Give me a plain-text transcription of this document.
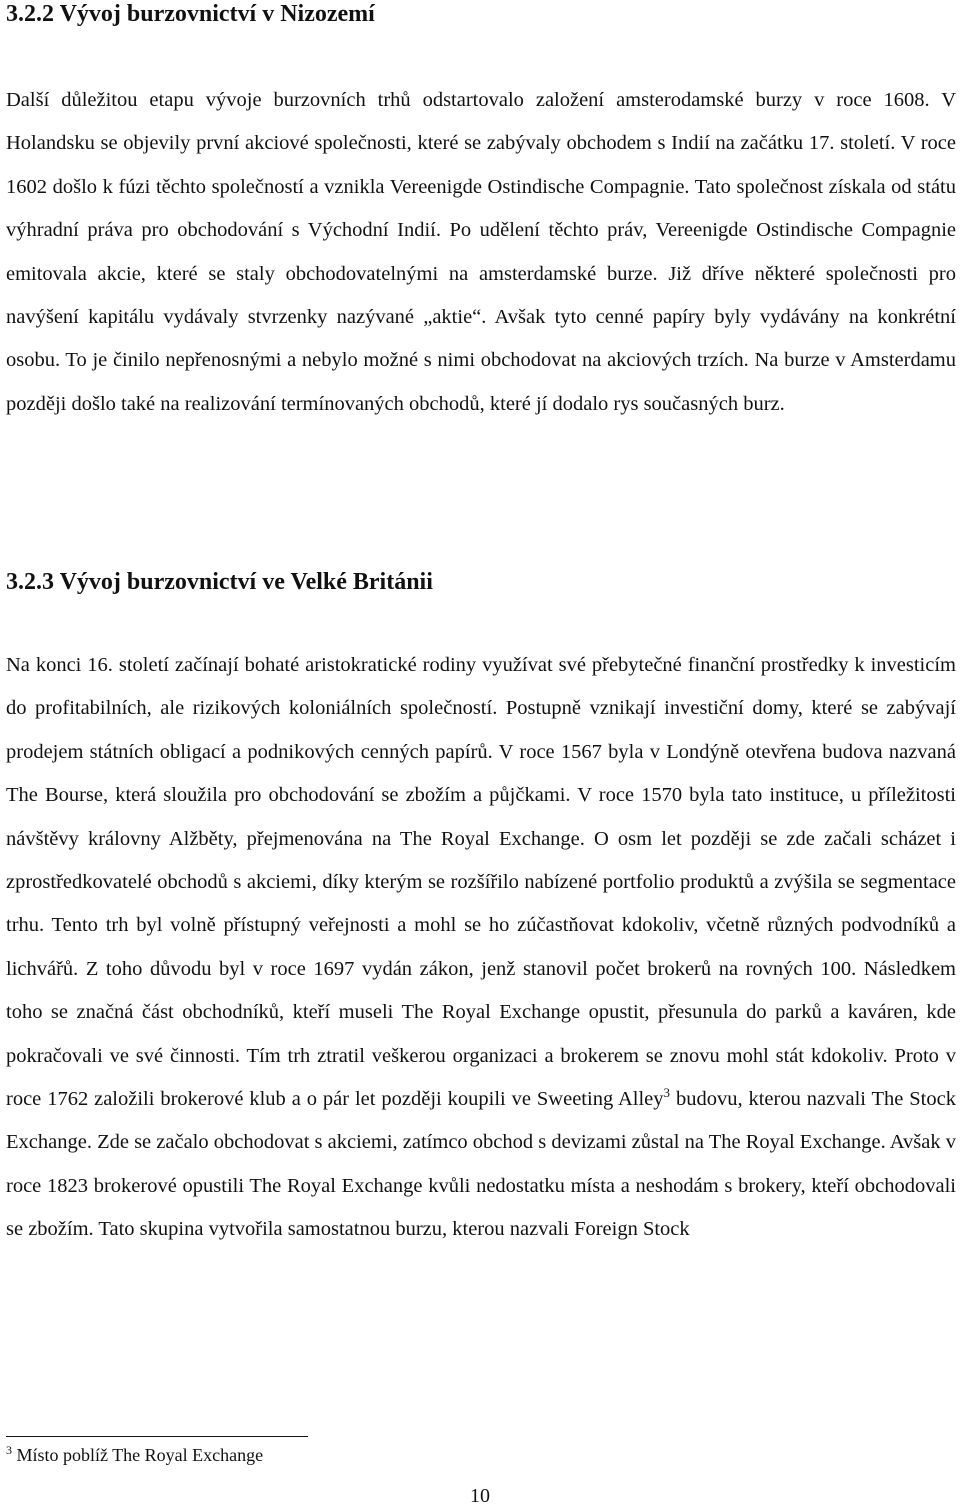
3.2.2 Vývoj burzovnictví v Nizozemí

Další důležitou etapu vývoje burzovních trhů odstartovalo založení amsterodamské burzy v roce 1608. V Holandsku se objevily první akciové společnosti, které se zabývaly obchodem s Indií na začátku 17. století. V roce 1602 došlo k fúzi těchto společností a vznikla Vereenigde Ostindische Compagnie. Tato společnost získala od státu výhradní práva pro obchodování s Východní Indií. Po udělení těchto práv, Vereenigde Ostindische Compagnie emitovala akcie, které se staly obchodovatelnými na amsterdamské burze. Již dříve některé společnosti pro navýšení kapitálu vydávaly stvrzenky nazývané „aktie“. Avšak tyto cenné papíry byly vydávány na konkrétní osobu. To je činilo nepřenosnými a nebylo možné s nimi obchodovat na akciových trzích. Na burze v Amsterdamu později došlo také na realizování termínovaných obchodů, které jí dodalo rys současných burz.

3.2.3 Vývoj burzovnictví ve Velké Británii

Na konci 16. století začínají bohaté aristokratické rodiny využívat své přebytečné finanční prostředky k investicím do profitabilních, ale rizikových koloniálních společností. Postupně vznikají investiční domy, které se zabývají prodejem státních obligací a podnikových cenných papírů. V roce 1567 byla v Londýně otevřena budova nazvaná The Bourse, která sloužila pro obchodování se zbožím a půjčkami. V roce 1570 byla tato instituce, u příležitosti návštěvy královny Alžběty, přejmenována na The Royal Exchange. O osm let později se zde začali scházet i zprostředkovatelé obchodů s akciemi, díky kterým se rozšířilo nabízené portfolio produktů a zvýšila se segmentace trhu. Tento trh byl volně přístupný veřejnosti a mohl se ho zúčastňovat kdokoliv, včetně různých podvodníků a lichvářů. Z toho důvodu byl v roce 1697 vydán zákon, jenž stanovil počet brokerů na rovných 100. Následkem toho se značná část obchodníků, kteří museli The Royal Exchange opustit, přesunula do parků a kaváren, kde pokračovali ve své činnosti. Tím trh ztratil veškerou organizaci a brokerem se znovu mohl stát kdokoliv. Proto v roce 1762 založili brokerové klub a o pár let později koupili ve Sweeting Alley$^3$ budovu, kterou nazvali The Stock Exchange. Zde se začalo obchodovat s akciemi, zatímco obchod s devizami zůstal na The Royal Exchange. Avšak v roce 1823 brokerové opustili The Royal Exchange kvůli nedostatku místa a neshodám s brokery, kteří obchodovali se zbožím. Tato skupina vytvořila samostatnou burzu, kterou nazvali Foreign Stock

$^3$ Místo poblíž The Royal Exchange
10
